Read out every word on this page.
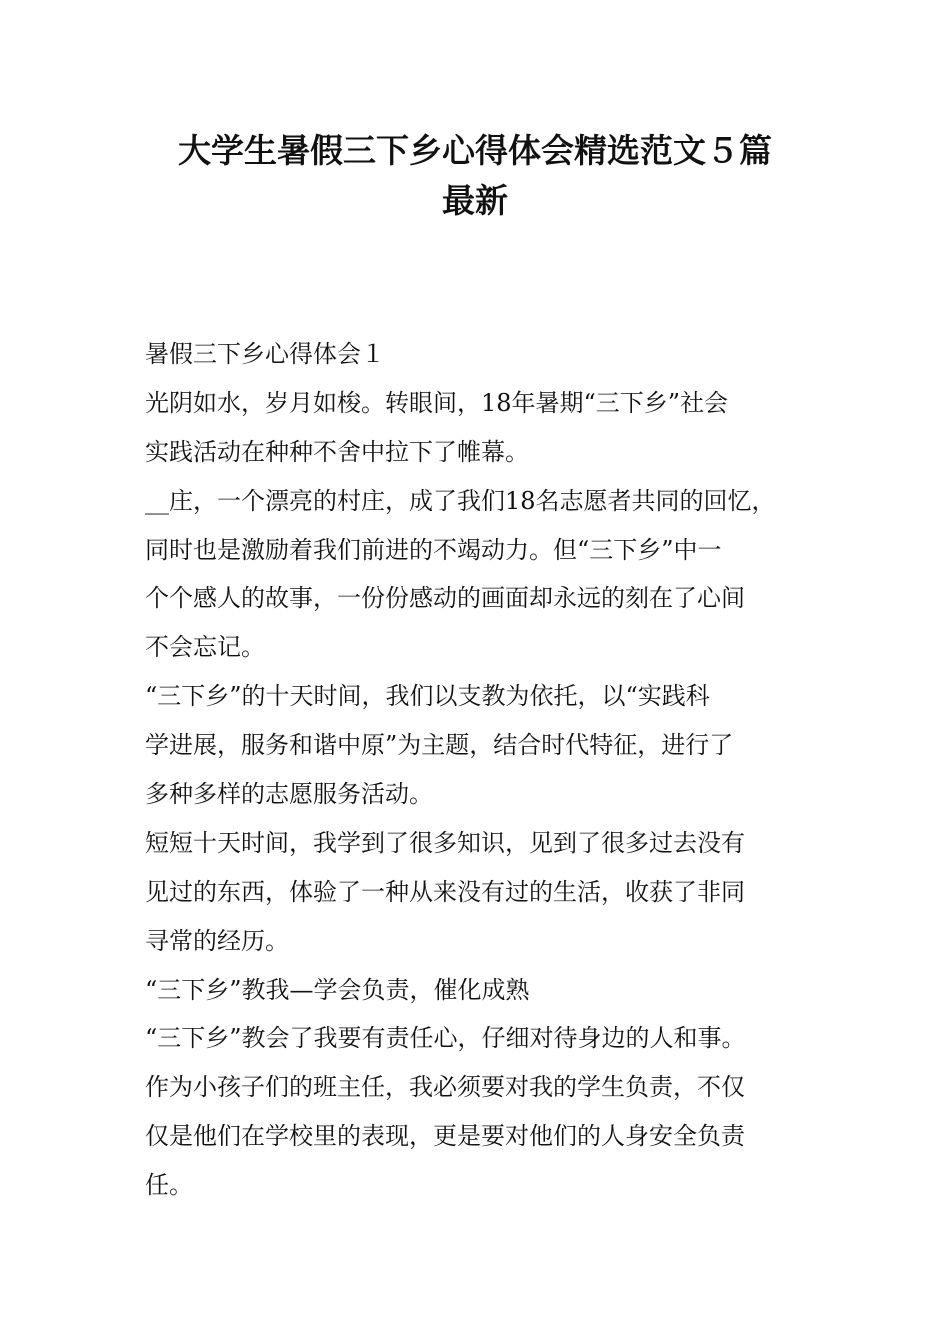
大学生暑假三下乡心得体会精选范文５篇
最新
暑假三下乡心得体会１
光阴如水，岁月如梭。转眼间，18年暑期“三下乡”社会
实践活动在种种不舍中拉下了帷幕。
__庄，一个漂亮的村庄，成了我们18名志愿者共同的回忆，
同时也是激励着我们前进的不竭动力。但“三下乡”中一
个个感人的故事，一份份感动的画面却永远的刻在了心间
不会忘记。
“三下乡”的十天时间，我们以支教为依托，以“实践科
学进展，服务和谐中原”为主题，结合时代特征，进行了
多种多样的志愿服务活动。
短短十天时间，我学到了很多知识，见到了很多过去没有
见过的东西，体验了一种从来没有过的生活，收获了非同
寻常的经历。
“三下乡”教我—学会负责，催化成熟
“三下乡”教会了我要有责任心，仔细对待身边的人和事。
作为小孩子们的班主任，我必须要对我的学生负责，不仅
仅是他们在学校里的表现，更是要对他们的人身安全负责
任。
